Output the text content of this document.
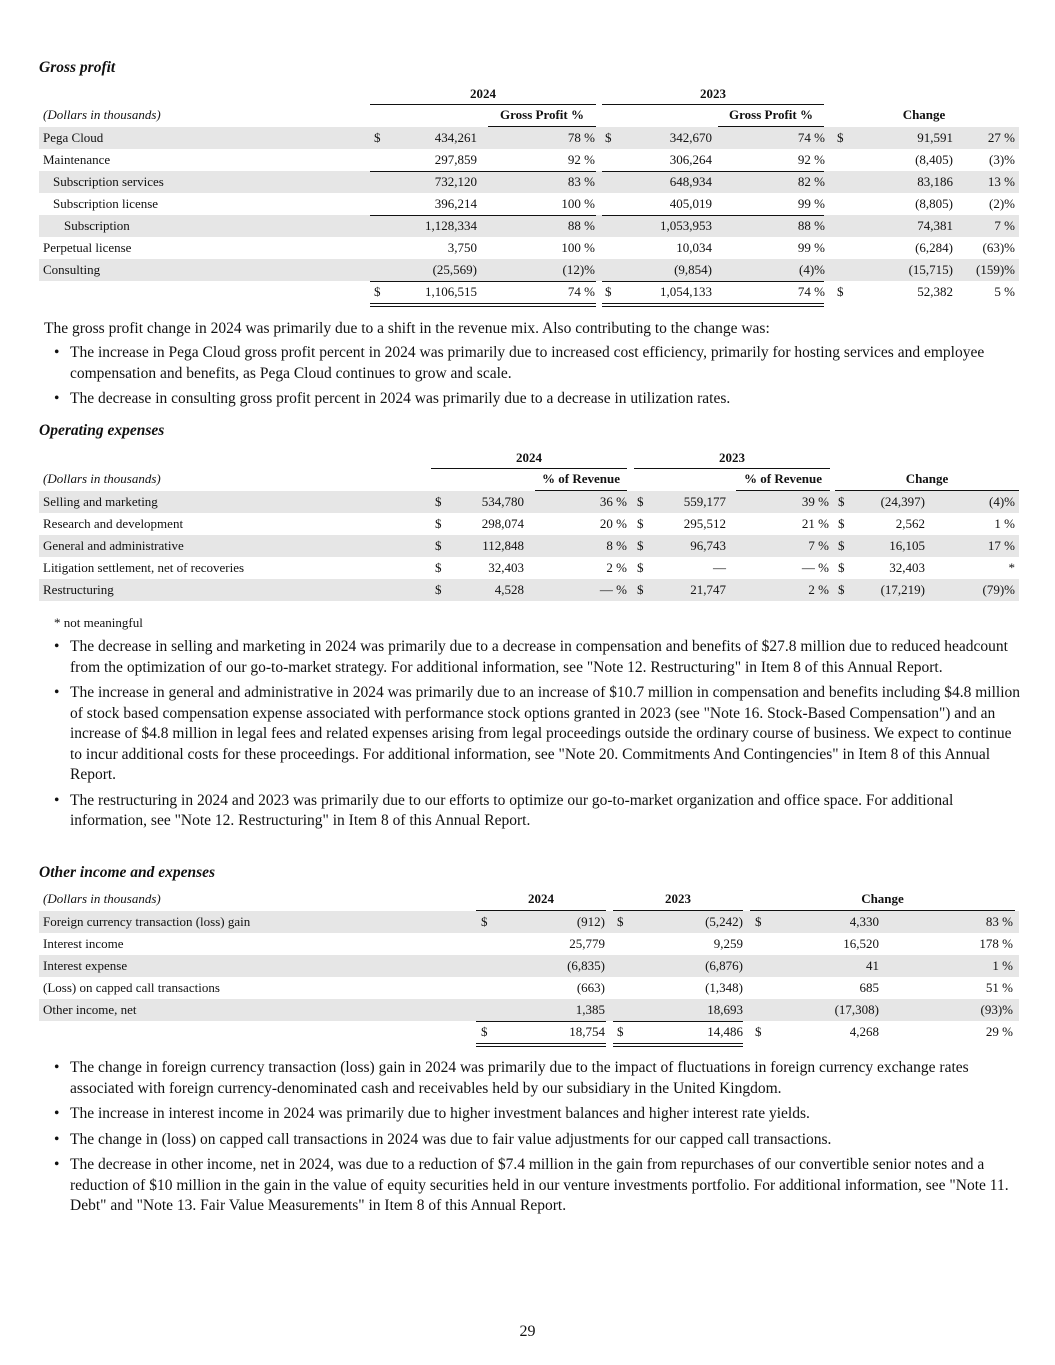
Gross profit
2024	2023
(Dollars in thousands)	Gross Profit %	Gross Profit %	Change
Pega Cloud	$	434,261	78 % $	342,670	74 % $	91,591	27 %
Maintenance	297,859	92 %	306,264	92 %	(8,405)	(3)%
Subscription services	732,120	83 %	648,934	82 %	83,186	13 %
Subscription license	396,214	100 %	405,019	99 %	(8,805)	(2)%
Subscription	1,128,334	88 %	1,053,953	88 %	74,381	7 %
Perpetual license	3,750	100 %	10,034	99 %	(6,284)	(63)%
Consulting	(25,569)	(12)%	(9,854)	(4)%	(15,715)	(159)%
$	1,106,515	74 % $	1,054,133	74 % $	52,382	5 %
The gross profit change in 2024 was primarily due to a shift in the revenue mix. Also contributing to the change was:
• The increase in Pega Cloud gross profit percent in 2024 was primarily due to increased cost efficiency, primarily for hosting services and employee compensation and benefits, as Pega Cloud continues to grow and scale.
• The decrease in consulting gross profit percent in 2024 was primarily due to a decrease in utilization rates.
Operating expenses
2024	2023
(Dollars in thousands)	% of Revenue	% of Revenue	Change
Selling and marketing	$	534,780	36 % $	559,177	39 % $	(24,397)	(4)%
Research and development	$	298,074	20 % $	295,512	21 % $	2,562	1 %
General and administrative	$	112,848	8 % $	96,743	7 % $	16,105	17 %
Litigation settlement, net of recoveries	$	32,403	2 % $	—	— % $	32,403	*
Restructuring	$	4,528	— % $	21,747	2 % $	(17,219)	(79)%
* not meaningful
• The decrease in selling and marketing in 2024 was primarily due to a decrease in compensation and benefits of $27.8 million due to reduced headcount from the optimization of our go-to-market strategy. For additional information, see "Note 12. Restructuring" in Item 8 of this Annual Report.
• The increase in general and administrative in 2024 was primarily due to an increase of $10.7 million in compensation and benefits including $4.8 million of stock based compensation expense associated with performance stock options granted in 2023 (see "Note 16. Stock-Based Compensation") and an increase of $4.8 million in legal fees and related expenses arising from legal proceedings outside the ordinary course of business. We expect to continue to incur additional costs for these proceedings. For additional information, see "Note 20. Commitments And Contingencies" in Item 8 of this Annual Report.
• The restructuring in 2024 and 2023 was primarily due to our efforts to optimize our go-to-market organization and office space. For additional information, see "Note 12. Restructuring" in Item 8 of this Annual Report.
Other income and expenses
(Dollars in thousands)	2024	2023	Change
Foreign currency transaction (loss) gain	$	(912) $	(5,242) $	4,330	83 %
Interest income	25,779	9,259	16,520	178 %
Interest expense	(6,835)	(6,876)	41	1 %
(Loss) on capped call transactions	(663)	(1,348)	685	51 %
Other income, net	1,385	18,693	(17,308)	(93)%
$	18,754 $	14,486 $	4,268	29 %
• The change in foreign currency transaction (loss) gain in 2024 was primarily due to the impact of fluctuations in foreign currency exchange rates associated with foreign currency-denominated cash and receivables held by our subsidiary in the United Kingdom.
• The increase in interest income in 2024 was primarily due to higher investment balances and higher interest rate yields.
• The change in (loss) on capped call transactions in 2024 was due to fair value adjustments for our capped call transactions.
• The decrease in other income, net in 2024, was due to a reduction of $7.4 million in the gain from repurchases of our convertible senior notes and a reduction of $10 million in the gain in the value of equity securities held in our venture investments portfolio. For additional information, see "Note 11. Debt" and "Note 13. Fair Value Measurements" in Item 8 of this Annual Report.
29
